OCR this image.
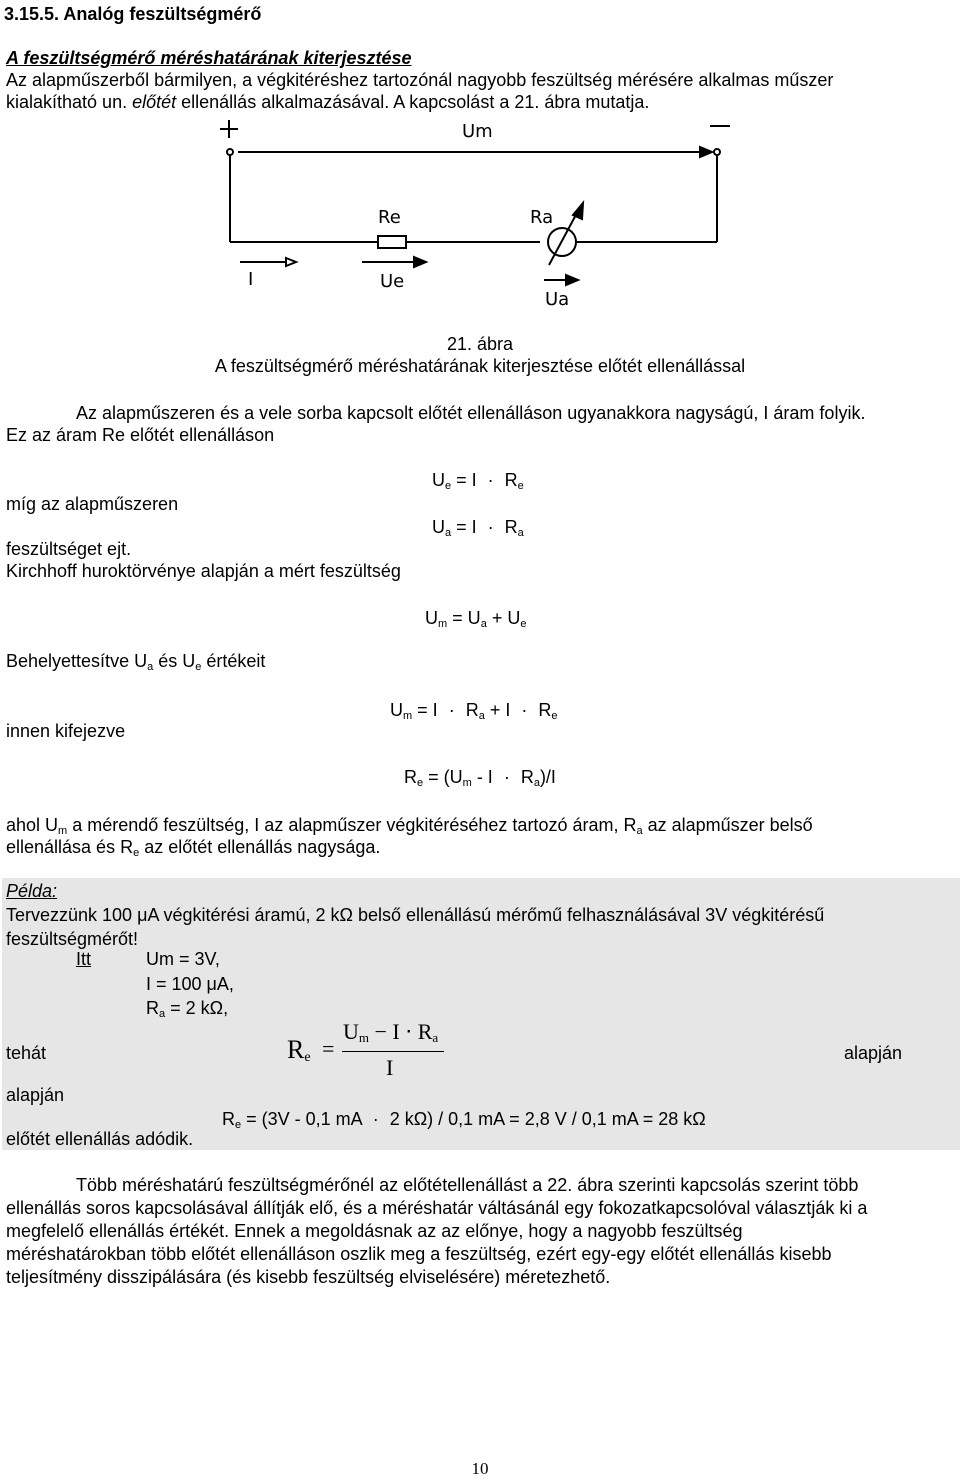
3.15.5. Analóg feszültségmérő
A feszültségmérő méréshatárának kiterjesztése
Az alapműszerből bármilyen, a végkitéréshez tartozónál nagyobb feszültség mérésére alkalmas műszer
kialakítható un. előtét ellenállás alkalmazásával. A kapcsolást a 21. ábra mutatja.
Um
Re	Ra
I	Ue
Ua
21. ábra
A feszültségmérő méréshatárának kiterjesztése előtét ellenállással
Az alapműszeren és a vele sorba kapcsolt előtét ellenálláson ugyanakkora nagyságú, I áram folyik.
Ez az áram Re előtét ellenálláson
$U_e = I \cdot R_e$
míg az alapműszeren
$U_a = I \cdot R_a$
feszültséget ejt.
Kirchhoff huroktörvénye alapján a mért feszültség
$U_m = U_a + U_e$
Behelyettesítve $U_a$ és $U_e$ értékeit
$U_m = I \cdot R_a + I \cdot R_e$
innen kifejezve
$R_e = (U_m - I \cdot R_a)/I$
ahol $U_m$ a mérendő feszültség, I az alapműszer végkitéréséhez tartozó áram, $R_a$ az alapműszer belső
ellenállása és $R_e$ az előtét ellenállás nagysága.
Példa:
Tervezzünk 100 μA végkitérési áramú, 2 kΩ belső ellenállású mérőmű felhasználásával 3V végkitérésű
feszültségmérőt!
Itt	Um = 3V,
I = 100 μA,
$R_a = 2$ kΩ,
tehát	$R_e$ =
$U_m - I \cdot R_a$
I
alapján
alapján
$R_e = (3V - 0,1$ mA · 2 kΩ) / 0,1 mA = 2,8 V / 0,1 mA = 28 kΩ
előtét ellenállás adódik.
Több méréshatárú feszültségmérőnél az előtétellenállást a 22. ábra szerinti kapcsolás szerint több
ellenállás soros kapcsolásával állítják elő, és a méréshatár váltásánál egy fokozatkapcsolóval választják ki a
megfelelő ellenállás értékét. Ennek a megoldásnak az az előnye, hogy a nagyobb feszültség
méréshatárokban több előtét ellenálláson oszlik meg a feszültség, ezért egy-egy előtét ellenállás kisebb
teljesítmény disszipálására (és kisebb feszültség elviselésére) méretezhető.
10
